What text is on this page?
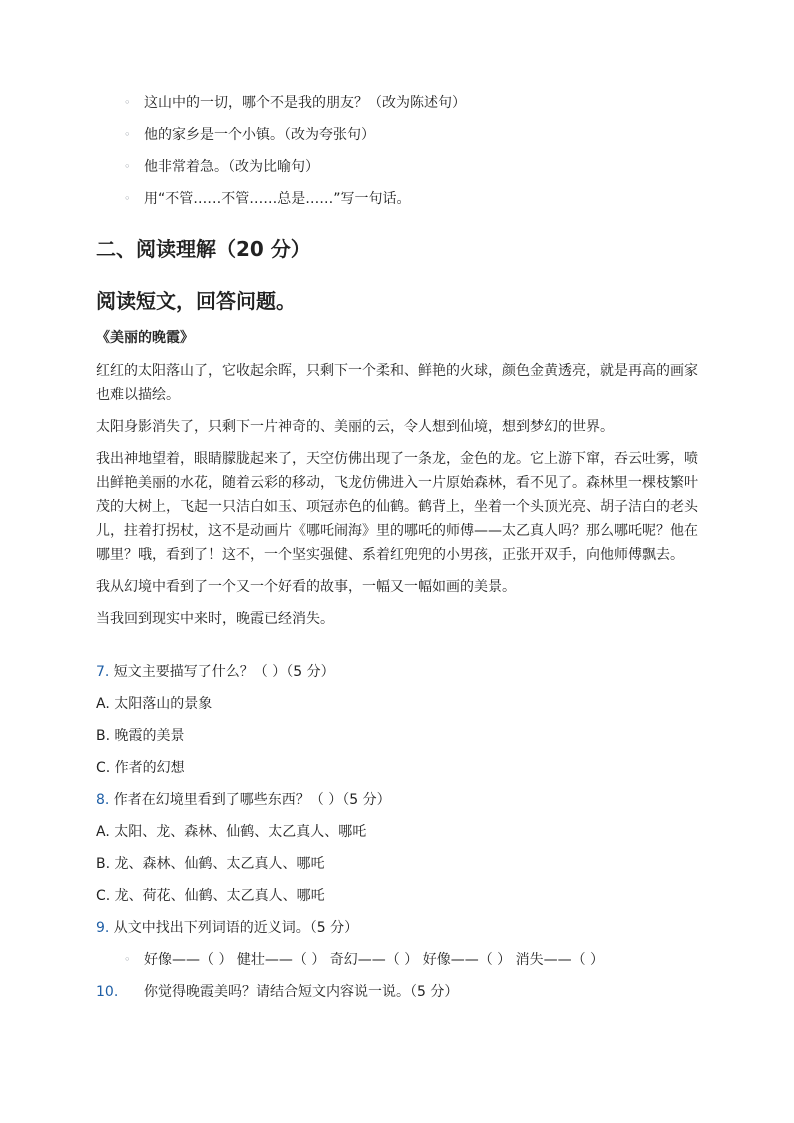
◦ 这山中的一切，哪个不是我的朋友？（改为陈述句）
◦ 他的家乡是一个小镇。（改为夸张句）
◦ 他非常着急。（改为比喻句）
◦ 用“不管……不管……总是……”写一句话。
二、阅读理解（20 分）
阅读短文，回答问题。
《美丽的晚霞》

红红的太阳落山了，它收起余晖，只剩下一个柔和、鲜艳的火球，颜色金黄透亮，就是再高的画家也难以描绘。

太阳身影消失了，只剩下一片神奇的、美丽的云，令人想到仙境，想到梦幻的世界。

我出神地望着，眼睛朦胧起来了，天空仿佛出现了一条龙，金色的龙。它上游下窜，吞云吐雾，喷出鲜艳美丽的水花，随着云彩的移动，飞龙仿佛进入一片原始森林，看不见了。森林里一棵枝繁叶茂的大树上，飞起一只洁白如玉、项冠赤色的仙鹤。鹤背上，坐着一个头顶光亮、胡子洁白的老头儿，拄着打拐杖，这不是动画片《哪吒闹海》里的哪吒的师傅——太乙真人吗？那么哪吒呢？他在哪里？哦，看到了！这不，一个坚实强健、系着红兜兜的小男孩，正张开双手，向他师傅飘去。

我从幻境中看到了一个又一个好看的故事，一幅又一幅如画的美景。

当我回到现实中来时，晚霞已经消失。

7. 短文主要描写了什么？（ ）（5 分）
A. 太阳落山的景象
B. 晚霞的美景
C. 作者的幻想
8. 作者在幻境里看到了哪些东西？（ ）（5 分）
A. 太阳、龙、森林、仙鹤、太乙真人、哪吒
B. 龙、森林、仙鹤、太乙真人、哪吒
C. 龙、荷花、仙鹤、太乙真人、哪吒
9. 从文中找出下列词语的近义词。（5 分）
◦ 好像——（ ） 健壮——（ ） 奇幻——（ ） 好像——（ ） 消失——（ ）
10. 你觉得晚霞美吗？请结合短文内容说一说。（5 分）
